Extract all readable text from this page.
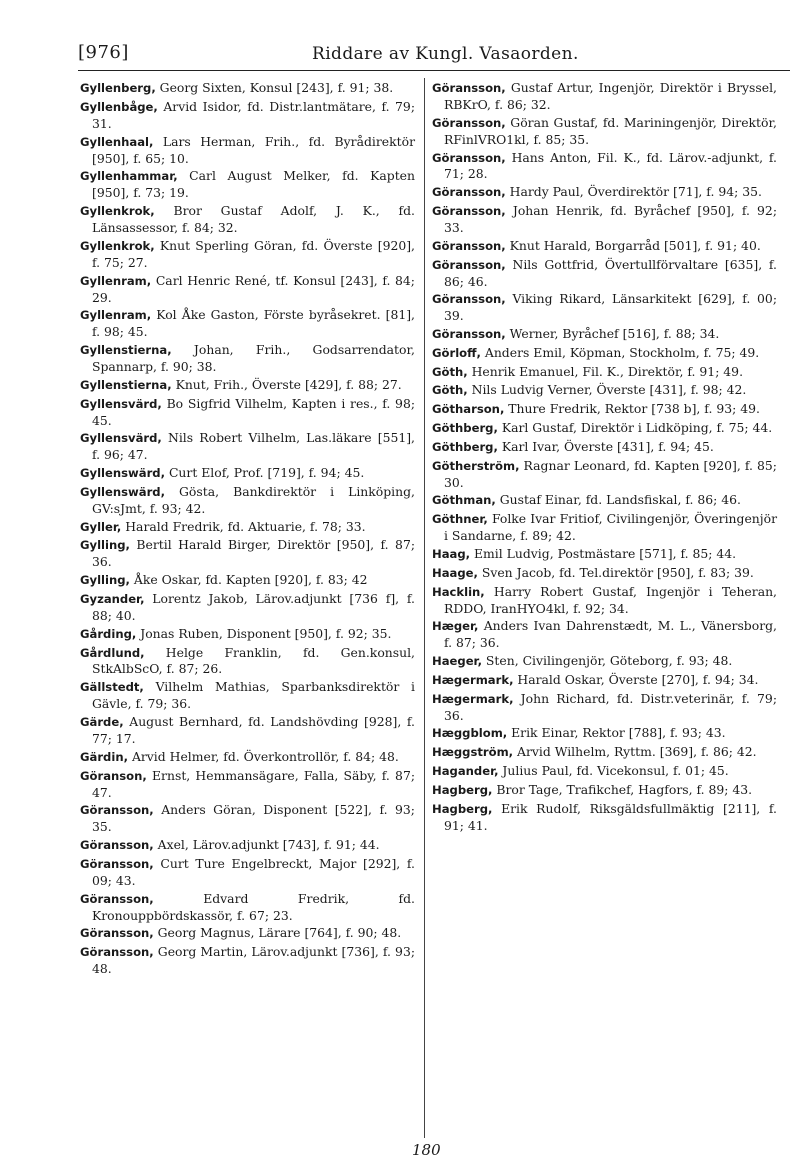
[976]	Riddare av Kungl. Vasaorden.

Gyllenberg, Georg Sixten, Konsul [243], f. 91; 38.

Gyllenbåge, Arvid Isidor, fd. Distr.lantmätare, f. 79; 31.

Gyllenhaal, Lars Herman, Frih., fd. Byrådirektör [950], f. 65; 10.

Gyllenhammar, Carl August Melker, fd. Kapten [950], f. 73; 19.

Gyllenkrok, Bror Gustaf Adolf, J. K., fd. Länsassessor, f. 84; 32.

Gyllenkrok, Knut Sperling Göran, fd. Överste [920], f. 75; 27.

Gyllenram, Carl Henric René, tf. Konsul [243], f. 84; 29.

Gyllenram, Kol Åke Gaston, Förste byråsekret. [81], f. 98; 45.

Gyllenstierna, Johan, Frih., Godsarrendator, Spannarp, f. 90; 38.

Gyllenstierna, Knut, Frih., Överste [429], f. 88; 27.

Gyllensvärd, Bo Sigfrid Vilhelm, Kapten i res., f. 98; 45.

Gyllensvärd, Nils Robert Vilhelm, Las.läkare [551], f. 96; 47.

Gyllenswärd, Curt Elof, Prof. [719], f. 94; 45.

Gyllenswärd, Gösta, Bankdirektör i Linköping, GV:sJmt, f. 93; 42.

Gyller, Harald Fredrik, fd. Aktuarie, f. 78; 33.

Gylling, Bertil Harald Birger, Direktör [950], f. 87; 36.

Gylling, Åke Oskar, fd. Kapten [920], f. 83; 42

Gyzander, Lorentz Jakob, Lärov.adjunkt [736 f], f. 88; 40.

Gårding, Jonas Ruben, Disponent [950], f. 92; 35.

Gårdlund, Helge Franklin, fd. Gen.konsul, StkAlbScO, f. 87; 26.

Gällstedt, Vilhelm Mathias, Sparbanksdirektör i Gävle, f. 79; 36.

Gärde, August Bernhard, fd. Landshövding [928], f. 77; 17.

Gärdin, Arvid Helmer, fd. Överkontrollör, f. 84; 48.

Göranson, Ernst, Hemmansägare, Falla, Säby, f. 87; 47.

Göransson, Anders Göran, Disponent [522], f. 93; 35.

Göransson, Axel, Lärov.adjunkt [743], f. 91; 44.

Göransson, Curt Ture Engelbreckt, Major [292], f. 09; 43.

Göransson, Edvard Fredrik, fd. Kronouppbördskassör, f. 67; 23.

Göransson, Georg Magnus, Lärare [764], f. 90; 48.

Göransson, Georg Martin, Lärov.adjunkt [736], f. 93; 48.

Göransson, Gustaf Artur, Ingenjör, Direktör i Bryssel, RBKrO, f. 86; 32.

Göransson, Göran Gustaf, fd. Mariningenjör, Direktör, RFinlVRO1kl, f. 85; 35.

Göransson, Hans Anton, Fil. K., fd. Lärov.-adjunkt, f. 71; 28.

Göransson, Hardy Paul, Överdirektör [71], f. 94; 35.

Göransson, Johan Henrik, fd. Byråchef [950], f. 92; 33.

Göransson, Knut Harald, Borgarråd [501], f. 91; 40.

Göransson, Nils Gottfrid, Övertullförvaltare [635], f. 86; 46.

Göransson, Viking Rikard, Länsarkitekt [629], f. 00; 39.

Göransson, Werner, Byråchef [516], f. 88; 34.

Görloff, Anders Emil, Köpman, Stockholm, f. 75; 49.

Göth, Henrik Emanuel, Fil. K., Direktör, f. 91; 49.

Göth, Nils Ludvig Verner, Överste [431], f. 98; 42.

Götharson, Thure Fredrik, Rektor [738 b], f. 93; 49.

Göthberg, Karl Gustaf, Direktör i Lidköping, f. 75; 44.

Göthberg, Karl Ivar, Överste [431], f. 94; 45.

Götherström, Ragnar Leonard, fd. Kapten [920], f. 85; 30.

Göthman, Gustaf Einar, fd. Landsfiskal, f. 86; 46.

Göthner, Folke Ivar Fritiof, Civilingenjör, Överingenjör i Sandarne, f. 89; 42.

Haag, Emil Ludvig, Postmästare [571], f. 85; 44.

Haage, Sven Jacob, fd. Tel.direktör [950], f. 83; 39.

Hacklin, Harry Robert Gustaf, Ingenjör i Teheran, RDDO, IranHYO4kl, f. 92; 34.

Hæger, Anders Ivan Dahrenstædt, M. L., Vänersborg, f. 87; 36.

Haeger, Sten, Civilingenjör, Göteborg, f. 93; 48.

Hægermark, Harald Oskar, Överste [270], f. 94; 34.

Hægermark, John Richard, fd. Distr.veterinär, f. 79; 36.

Hæggblom, Erik Einar, Rektor [788], f. 93; 43.

Hæggström, Arvid Wilhelm, Ryttm. [369], f. 86; 42.

Hagander, Julius Paul, fd. Vicekonsul, f. 01; 45.

Hagberg, Bror Tage, Trafikchef, Hagfors, f. 89; 43.

Hagberg, Erik Rudolf, Riksgäldsfullmäktig [211], f. 91; 41.

180
